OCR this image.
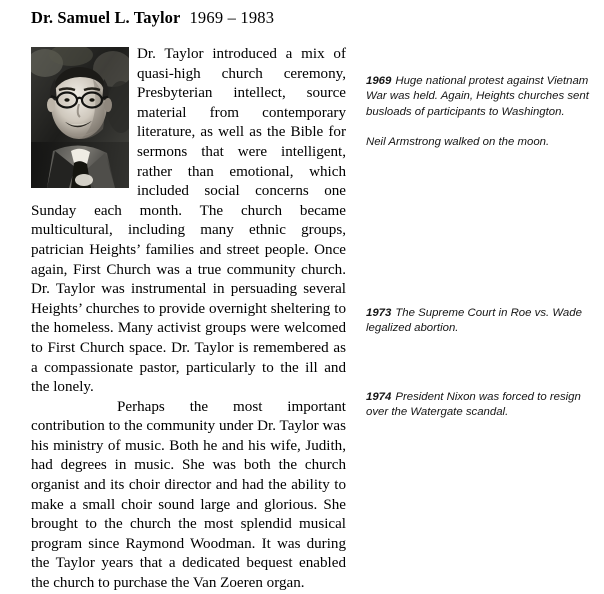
Dr. Samuel L. Taylor 1969 – 1983

Dr. Taylor introduced a mix of quasi-high church ceremony, Presbyterian intellect, source material from contemporary literature, as well as the Bible for sermons that were intelligent, rather than emotional, which included social concerns one Sunday each month. The church became multicultural, including many ethnic groups, patrician Heights’ families and street people. Once again, First Church was a true community church. Dr. Taylor was instrumental in persuading several Heights’ churches to provide overnight sheltering to the homeless. Many activist groups were welcomed to First Church space. Dr. Taylor is remembered as a compassionate pastor, particularly to the ill and the lonely.

Perhaps the most important contribution to the community under Dr. Taylor was his ministry of music. Both he and his wife, Judith, had degrees in music. She was both the church organist and its choir director and had the ability to make a small choir sound large and glorious. She brought to the church the most splendid musical program since Raymond Woodman. It was during the Taylor years that a dedicated bequest enabled the church to purchase the Van Zoeren organ.

1969 Huge national protest against Vietnam War was held. Again, Heights churches sent busloads of participants to Washington.

Neil Armstrong walked on the moon.

1973 The Supreme Court in Roe vs. Wade legalized abortion.

1974 President Nixon was forced to resign over the Watergate scandal.
